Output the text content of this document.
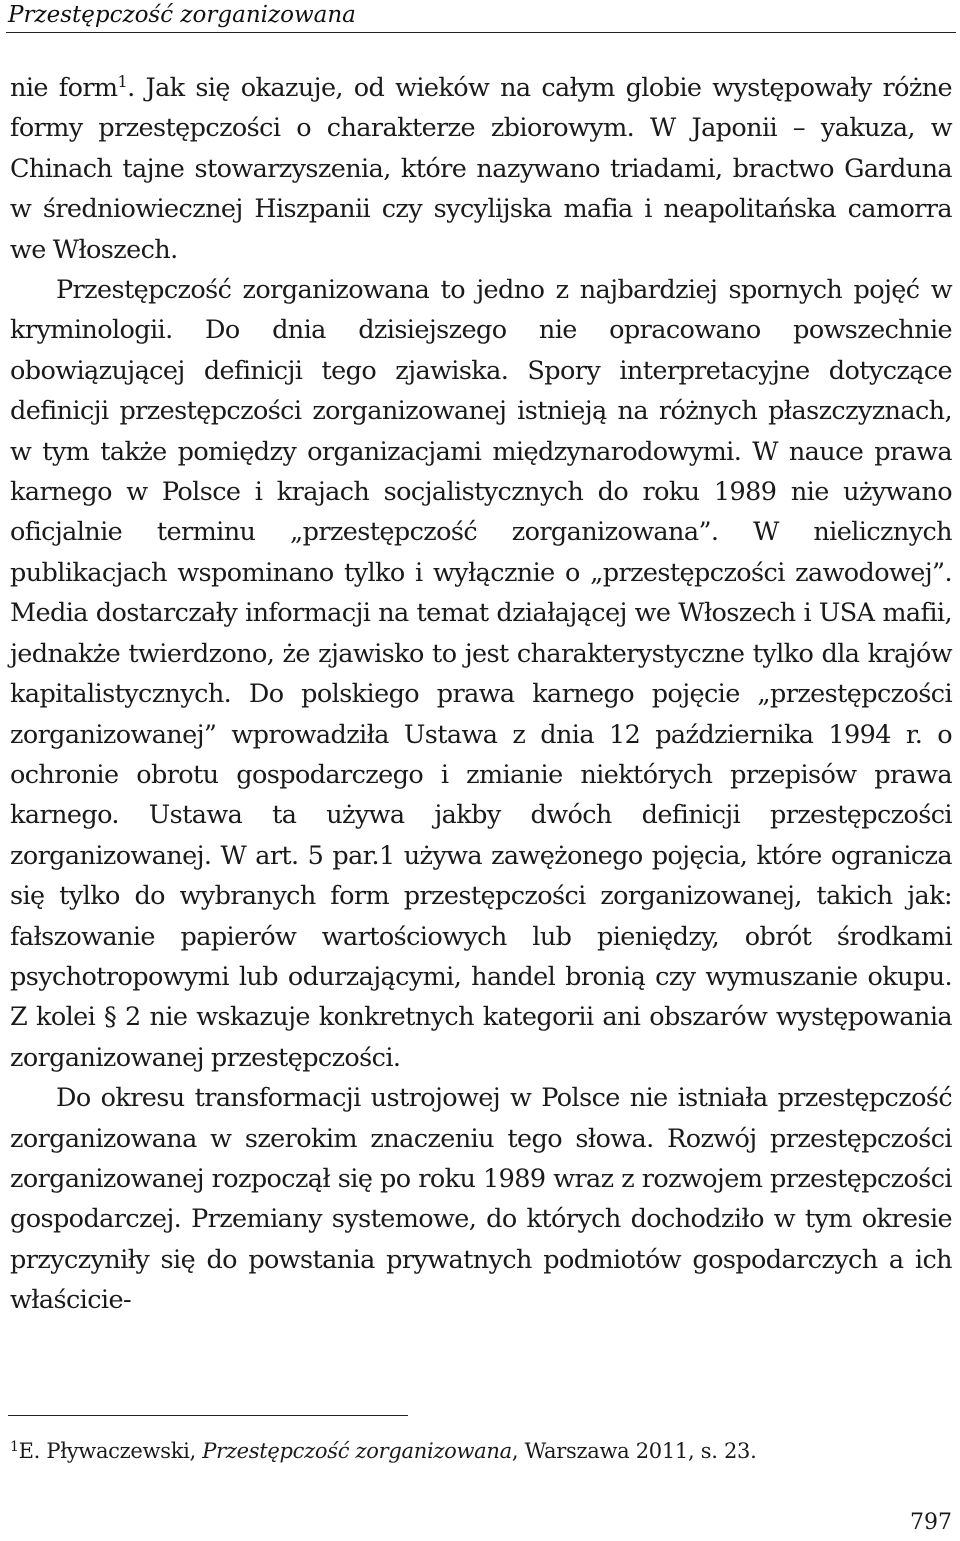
Przestępczość zorganizowana

nie form$^1$. Jak się okazuje, od wieków na całym globie występowały różne formy przestępczości o charakterze zbiorowym. W Japonii – yakuza, w Chinach tajne stowarzyszenia, które nazywano triadami, bractwo Garduna w średniowiecznej Hiszpanii czy sycylijska mafia i neapolitańska camorra we Włoszech.

Przestępczość zorganizowana to jedno z najbardziej spornych pojęć w kryminologii. Do dnia dzisiejszego nie opracowano powszechnie obowiązującej definicji tego zjawiska. Spory interpretacyjne dotyczące definicji przestępczości zorganizowanej istnieją na różnych płaszczyznach, w tym także pomiędzy organizacjami międzynarodowymi. W nauce prawa karnego w Polsce i krajach socjalistycznych do roku 1989 nie używano oficjalnie terminu „przestępczość zorganizowana”. W nielicznych publikacjach wspominano tylko i wyłącznie o „przestępczości zawodowej”. Media dostarczały informacji na temat działającej we Włoszech i USA mafii, jednakże twierdzono, że zjawisko to jest charakterystyczne tylko dla krajów kapitalistycznych. Do polskiego prawa karnego pojęcie „przestępczości zorganizowanej” wprowadziła Ustawa z dnia 12 października 1994 r. o ochronie obrotu gospodarczego i zmianie niektórych przepisów prawa karnego. Ustawa ta używa jakby dwóch definicji przestępczości zorganizowanej. W art. 5 par.1 używa zawężonego pojęcia, które ogranicza się tylko do wybranych form przestępczości zorganizowanej, takich jak: fałszowanie papierów wartościowych lub pieniędzy, obrót środkami psychotropowymi lub odurzającymi, handel bronią czy wymuszanie okupu. Z kolei § 2 nie wskazuje konkretnych kategorii ani obszarów występowania zorganizowanej przestępczości.

Do okresu transformacji ustrojowej w Polsce nie istniała przestępczość zorganizowana w szerokim znaczeniu tego słowa. Rozwój przestępczości zorganizowanej rozpoczął się po roku 1989 wraz z rozwojem przestępczości gospodarczej. Przemiany systemowe, do których dochodziło w tym okresie przyczyniły się do powstania prywatnych podmiotów gospodarczych a ich właścicie-

$^1$E. Pływaczewski, Przestępczość zorganizowana, Warszawa 2011, s. 23.
797
